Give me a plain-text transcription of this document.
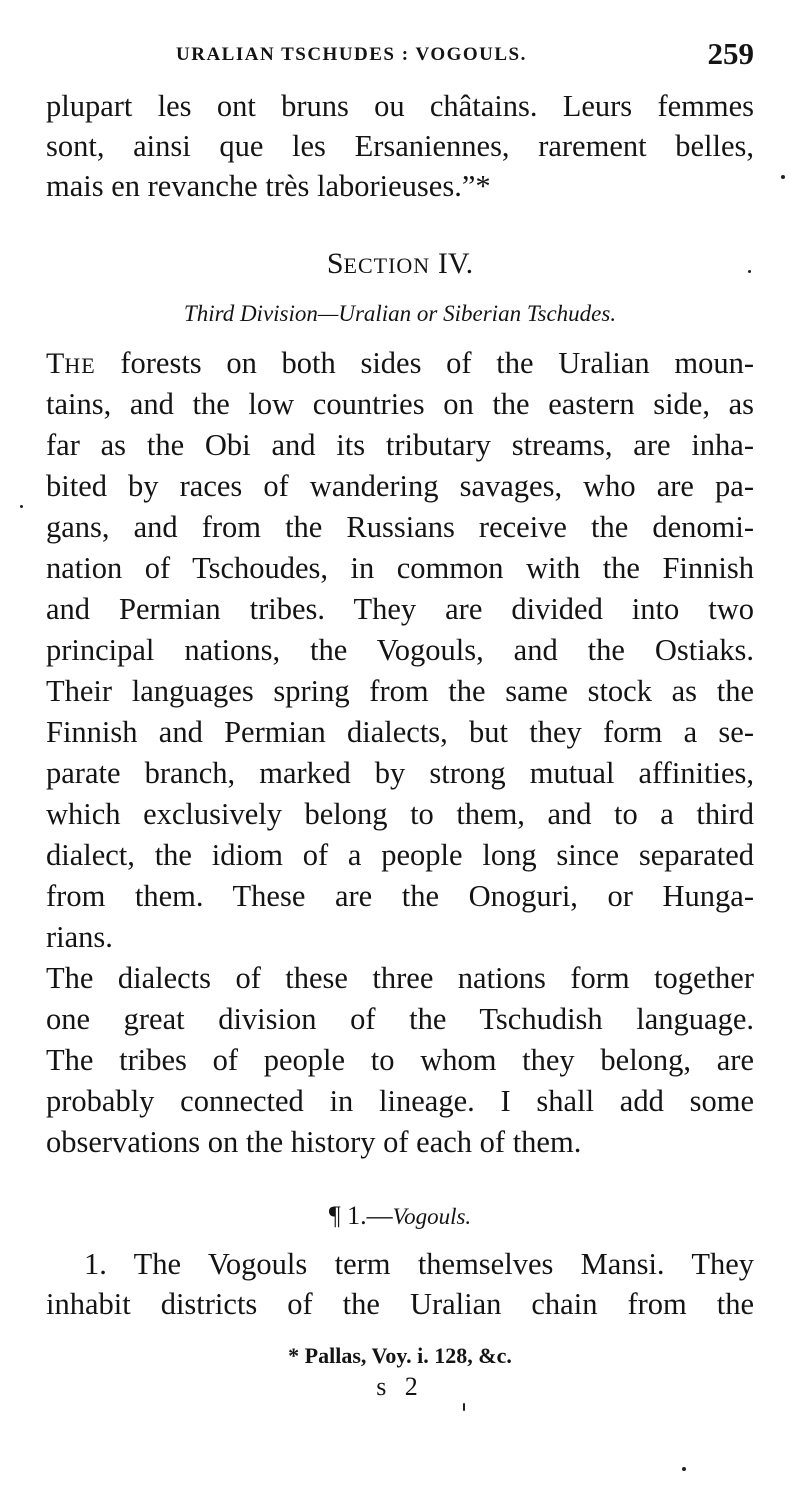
URALIAN TSCHUDES : VOGOULS.	259
plupart les ont bruns ou châtains. Leurs femmes
sont, ainsi que les Ersaniennes, rarement belles,
mais en revanche très laborieuses.”*
SECTION IV.
Third Division—Uralian or Siberian Tschudes.
THE forests on both sides of the Uralian moun-
tains, and the low countries on the eastern side, as
far as the Obi and its tributary streams, are inha-
bited by races of wandering savages, who are pa-
gans, and from the Russians receive the denomi-
nation of Tschoudes, in common with the Finnish
and Permian tribes. They are divided into two
principal nations, the Vogouls, and the Ostiaks.
Their languages spring from the same stock as the
Finnish and Permian dialects, but they form a se-
parate branch, marked by strong mutual affinities,
which exclusively belong to them, and to a third
dialect, the idiom of a people long since separated
from them. These are the Onoguri, or Hunga-
rians.
The dialects of these three nations form together
one great division of the Tschudish language.
The tribes of people to whom they belong, are
probably connected in lineage. I shall add some
observations on the history of each of them.
¶ 1.—Vogouls.
1. The Vogouls term themselves Mansi. They
inhabit districts of the Uralian chain from the
* Pallas, Voy. i. 128, &c.
s 2
